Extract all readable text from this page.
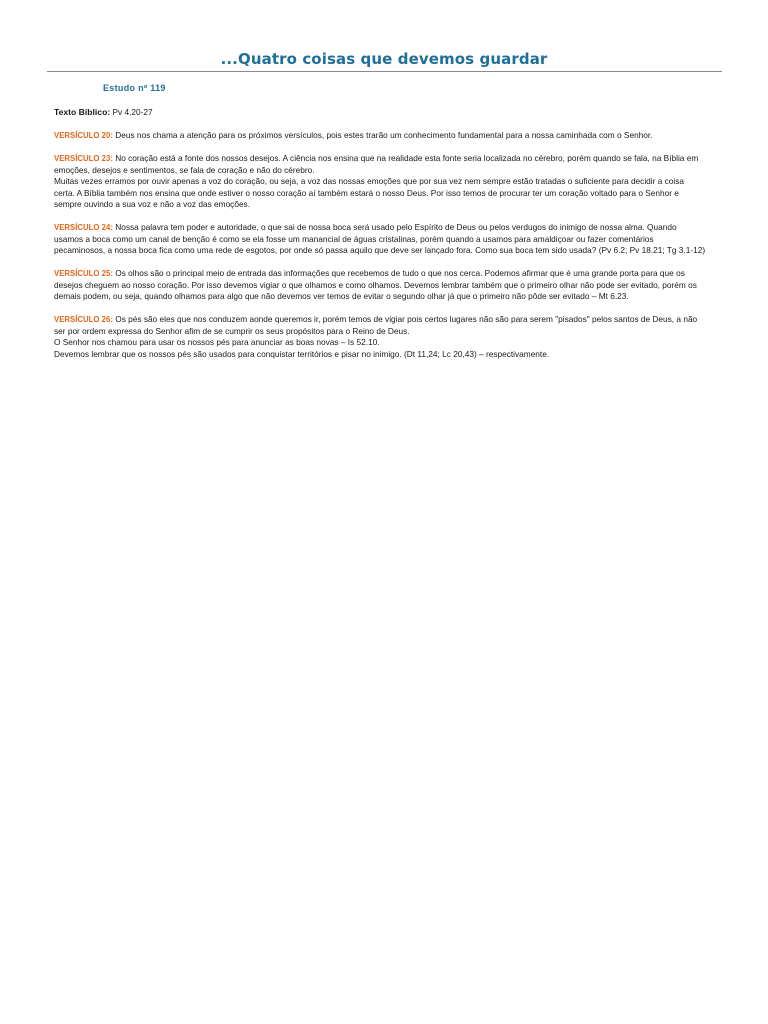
...Quatro coisas que devemos guardar
Estudo nº 119

Texto Bíblico: Pv 4.20-27

VERSÍCULO 20: Deus nos chama a atenção para os próximos versículos, pois estes trarão um conhecimento fundamental para a nossa caminhada com o Senhor.

VERSÍCULO 23: No coração está a fonte dos nossos desejos. A ciência nos ensina que na realidade esta fonte seria localizada no cérebro, porém quando se fala, na Bíblia em emoções, desejos e sentimentos, se fala de coração e não do cérebro.
Muitas vezes erramos por ouvir apenas a voz do coração, ou seja, a voz das nossas emoções que por sua vez nem sempre estão tratadas o suficiente para decidir a coisa certa. A Bíblia também nos ensina que onde estiver o nosso coração aí também estará o nosso Deus. Por isso temos de procurar ter um coração voltado para o Senhor e sempre ouvindo a sua voz e não a voz das emoções.

VERSÍCULO 24: Nossa palavra tem poder e autoridade, o que sai de nossa boca será usado pelo Espírito de Deus ou pelos verdugos do inimigo de nossa alma. Quando usamos a boca como um canal de benção é como se ela fosse um manancial de águas cristalinas, porém quando a usamos para amaldiçoar ou fazer comentários pecaminosos, a nossa boca fica como uma rede de esgotos, por onde só passa aquilo que deve ser lançado fora. Como sua boca tem sido usada? (Pv 6.2; Pv 18.21; Tg 3.1-12)

VERSÍCULO 25: Os olhos são o principal meio de entrada das informações que recebemos de tudo o que nos cerca. Podemos afirmar que é uma grande porta para que os desejos cheguem ao nosso coração. Por isso devemos vigiar o que olhamos e como olhamos. Devemos lembrar também que o primeiro olhar não pode ser evitado, porém os demais podem, ou seja, quando olhamos para algo que não devemos ver temos de evitar o segundo olhar já que o primeiro não pôde ser evitado – Mt 6.23.

VERSÍCULO 26: Os pés são eles que nos conduzem aonde queremos ir, porém temos de vigiar pois certos lugares não são para serem "pisados" pelos santos de Deus, a não ser por ordem expressa do Senhor afim de se cumprir os seus propósitos para o Reino de Deus.
O Senhor nos chamou para usar os nossos pés para anunciar as boas novas – Is 52.10.
Devemos lembrar que os nossos pés são usados para conquistar territórios e pisar no inimigo. (Dt 11,24; Lc 20,43) – respectivamente.
